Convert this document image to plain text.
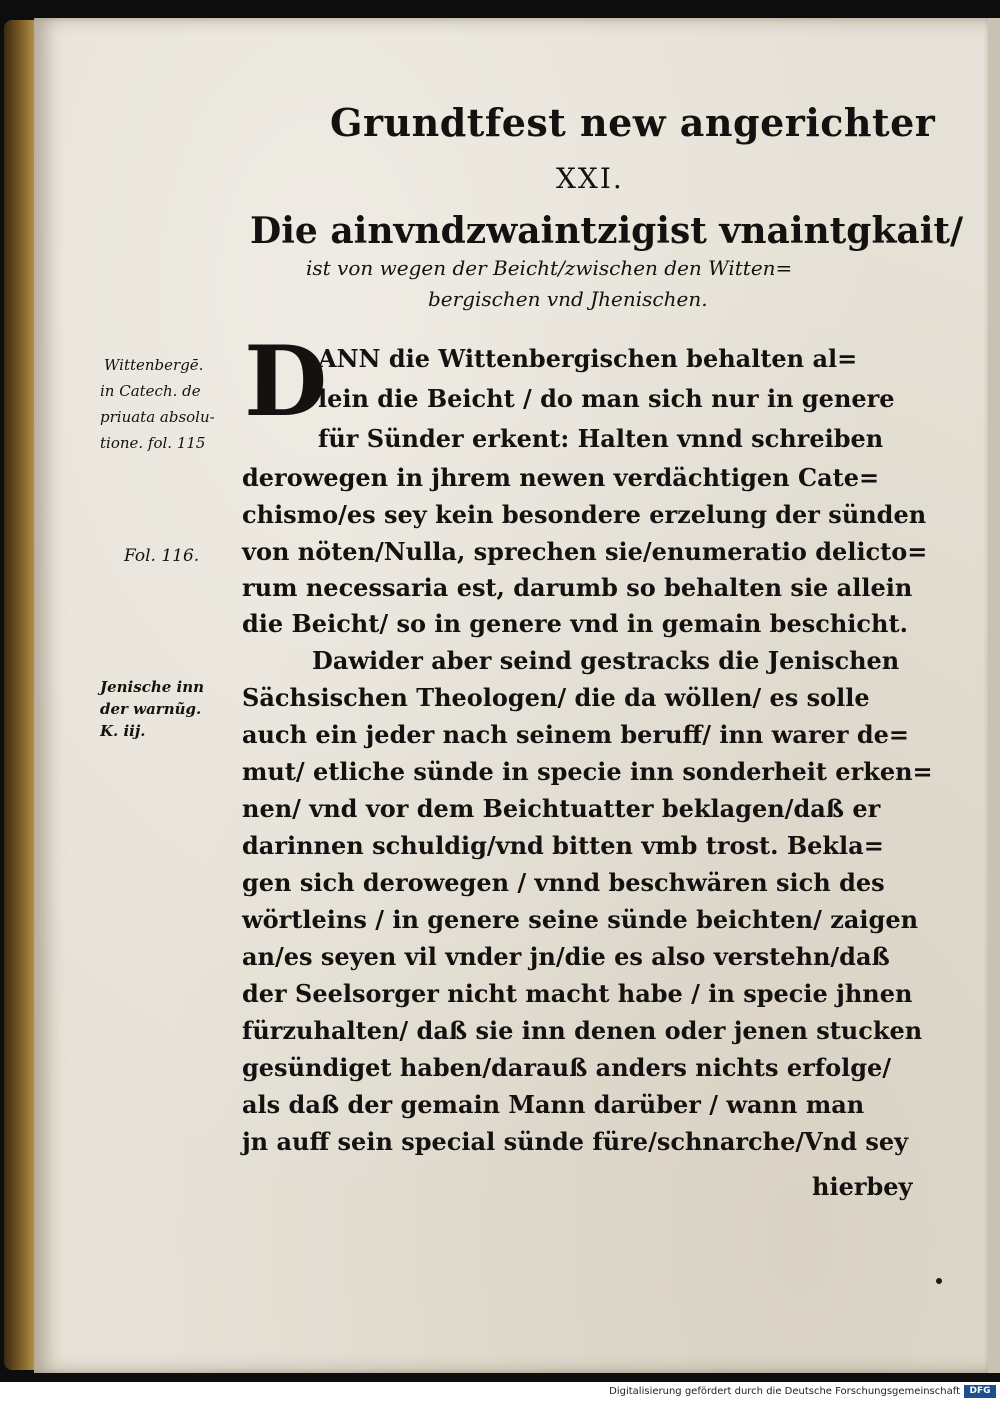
Grundtfest new angerichter
XXI.
Die ainvndzwaintzigist vnaintgkait/
ist von wegen der Beicht/zwischen den Witten=
bergischen vnd Jhenischen.
D
ANN die Wittenbergischen behalten al=
lein die Beicht / do man sich nur in genere
für Sünder erkent: Halten vnnd schreiben
derowegen in jhrem newen verdächtigen Cate=
chismo/es sey kein besondere erzelung der sünden
von nöten/Nulla, sprechen sie/enumeratio delicto=
rum necessaria est, darumb so behalten sie allein
die Beicht/ so in genere vnd in gemain beschicht.
Dawider aber seind gestracks die Jenischen
Sächsischen Theologen/ die da wöllen/ es solle
auch ein jeder nach seinem beruff/ inn warer de=
mut/ etliche sünde in specie inn sonderheit erken=
nen/ vnd vor dem Beichtuatter beklagen/daß er
darinnen schuldig/vnd bitten vmb trost. Bekla=
gen sich derowegen / vnnd beschwären sich des
wörtleins / in genere seine sünde beichten/ zaigen
an/es seyen vil vnder jn/die es also verstehn/daß
der Seelsorger nicht macht habe / in specie jhnen
fürzuhalten/ daß sie inn denen oder jenen stucken
gesündiget haben/darauß anders nichts erfolge/
als daß der gemain Mann darüber / wann man
jn auff sein special sünde füre/schnarche/Vnd sey
hierbey
Wittenbergē.
in Catech. de
priuata absolu-
tione. fol. 115
Fol. 116.
Jenische inn
der warnũg.
K. iij.
Digitalisierung gefördert durch die Deutsche Forschungsgemeinschaft	DFG
